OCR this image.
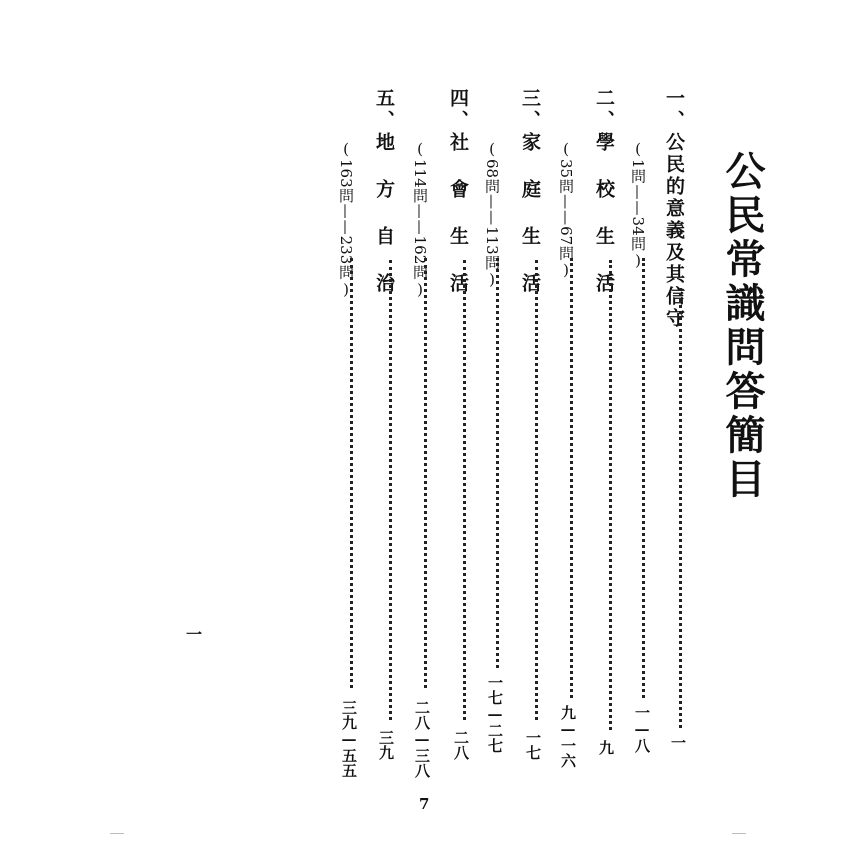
公民常識問答簡目
一、公民的意義及其信守
一
(1問——34問)
一—八
二、學 校 生 活
九
(35問——67問)
九—一六
三、家 庭 生 活
一七
(68問——113問)
一七—二七
四、社 會 生 活
二八
(114問——162問)
二八—三八
五、地 方 自 治
三九
(163問——233問)
三九—五五
一
7
